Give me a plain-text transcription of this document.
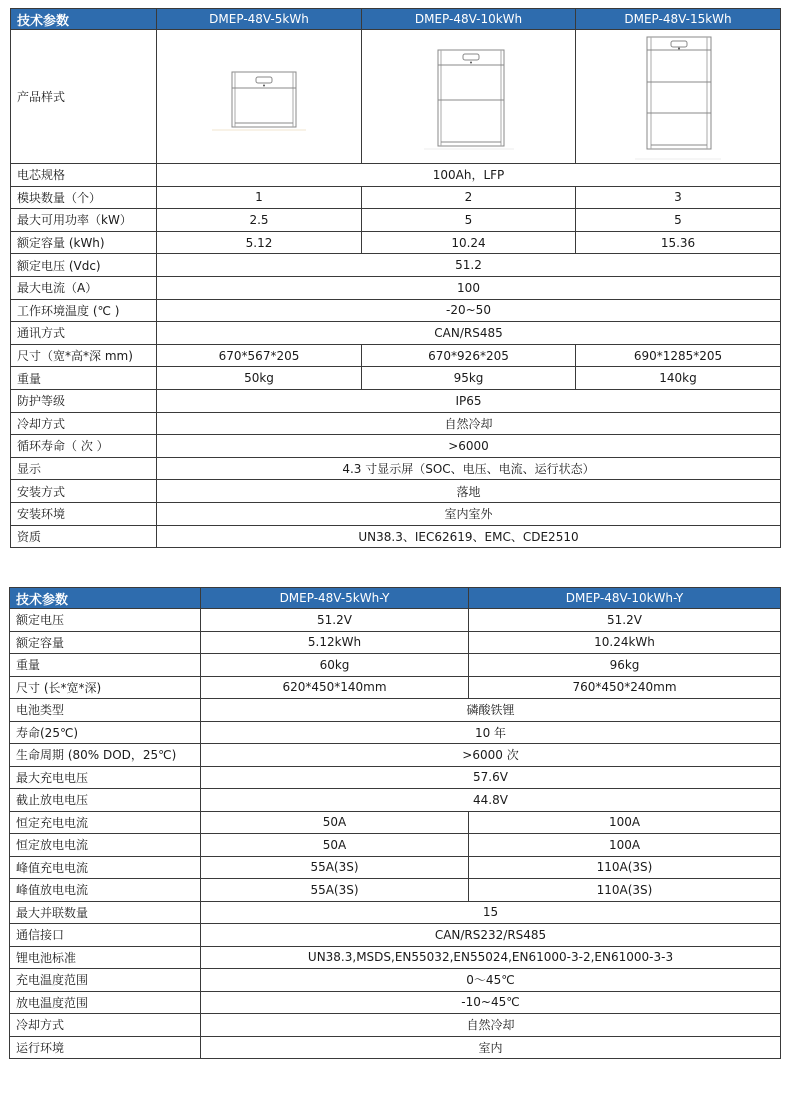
技术参数	DMEP-48V-5kWh	DMEP-48V-10kWh	DMEP-48V-15kWh
产品样式	

电芯规格	100Ah，LFP		
模块数量（个）	1	2	3
最大可用功率（kW）	2.5	5	5
额定容量 (kWh)	5.12	10.24	15.36
额定电压 (Vdc)	51.2		
最大电流（A）	100		
工作环境温度 (℃ )	-20~50		
通讯方式	CAN/RS485		
尺寸（宽*高*深 mm)	670*567*205	670*926*205	690*1285*205
重量	50kg	95kg	140kg
防护等级	IP65		
冷却方式	自然冷却		
循环寿命（ 次 ）	>6000		
显示	4.3 寸显示屏（SOC、电压、电流、运行状态）		
安装方式	落地		
安装环境	室内室外		
资质	UN38.3、IEC62619、EMC、CDE2510		
技术参数	DMEP-48V-5kWh-Y	DMEP-48V-10kWh-Y
额定电压	51.2V	51.2V
额定容量	5.12kWh	10.24kWh
重量	60kg	96kg
尺寸 (长*宽*深)	620*450*140mm	760*450*240mm
电池类型	磷酸铁锂	
寿命(25℃)	10 年	
生命周期 (80% DOD，25℃)	>6000 次	
最大充电电压	57.6V	
截止放电电压	44.8V	
恒定充电电流	50A	100A
恒定放电电流	50A	100A
峰值充电电流	55A(3S)	110A(3S)
峰值放电电流	55A(3S)	110A(3S)
最大并联数量	15	
通信接口	CAN/RS232/RS485	
锂电池标准	UN38.3,MSDS,EN55032,EN55024,EN61000-3-2,EN61000-3-3	
充电温度范围	0～45℃	
放电温度范围	-10~45℃	
冷却方式	自然冷却	
运行环境	室内	
